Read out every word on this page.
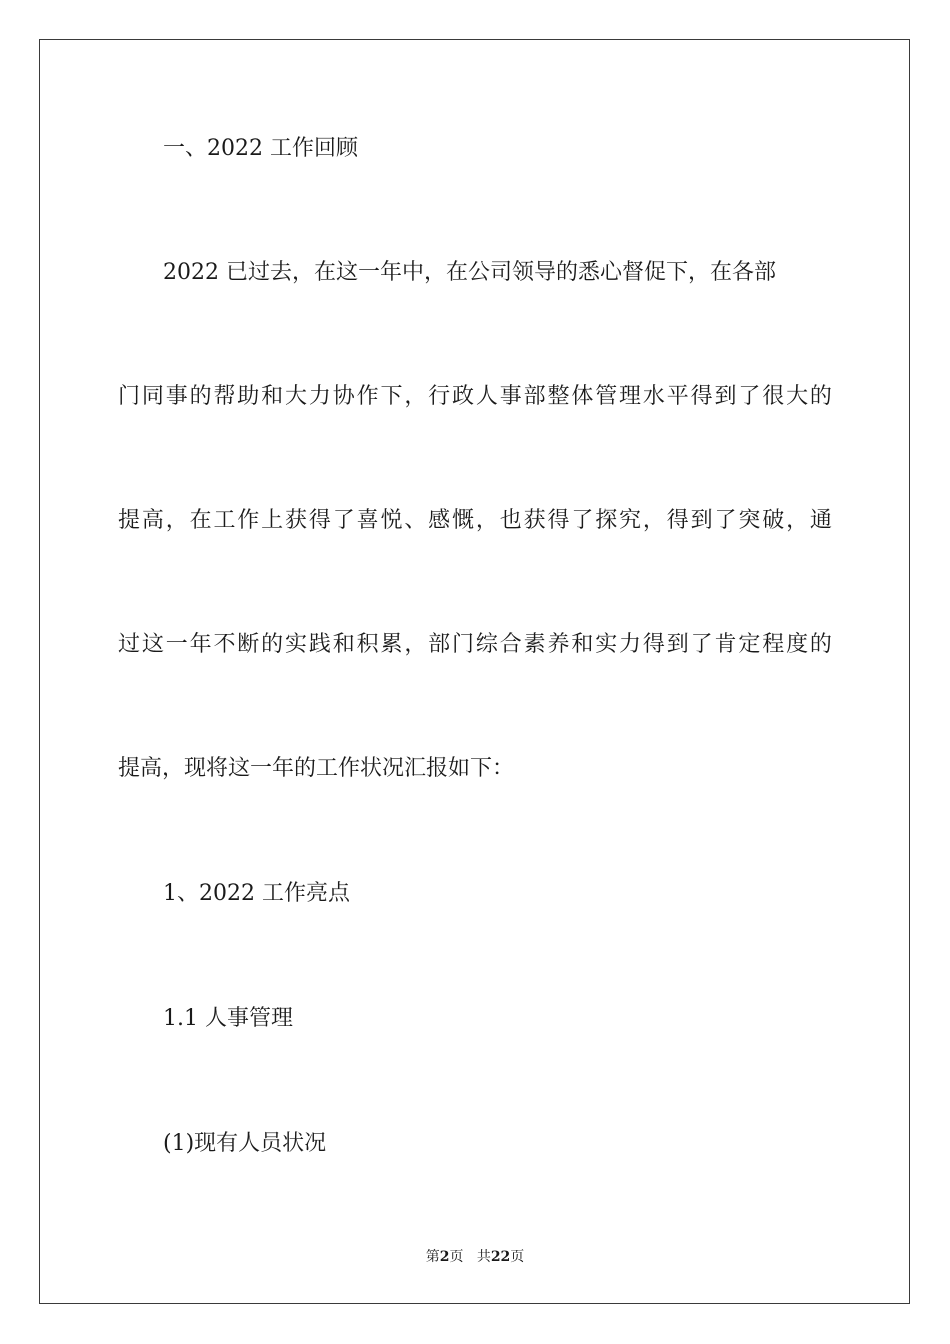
一、2022 工作回顾
2022 已过去，在这一年中，在公司领导的悉心督促下，在各部
门 同 事 的 帮 助 和 大 力 协 作 下 ， 行 政 人 事 部 整 体 管 理 水 平 得 到 了 很 大 的
提 高 ， 在 工 作 上 获 得 了 喜 悦 、 感 慨 ， 也 获 得 了 探 究 ， 得 到 了 突 破 ， 通
过 这 一 年 不 断 的 实 践 和 积 累 ， 部 门 综 合 素 养 和 实 力 得 到 了 肯 定 程 度 的
提高，现将这一年的工作状况汇报如下：
1、2022 工作亮点
1.1 人事管理
(1)现有人员状况
第2页 共22页
